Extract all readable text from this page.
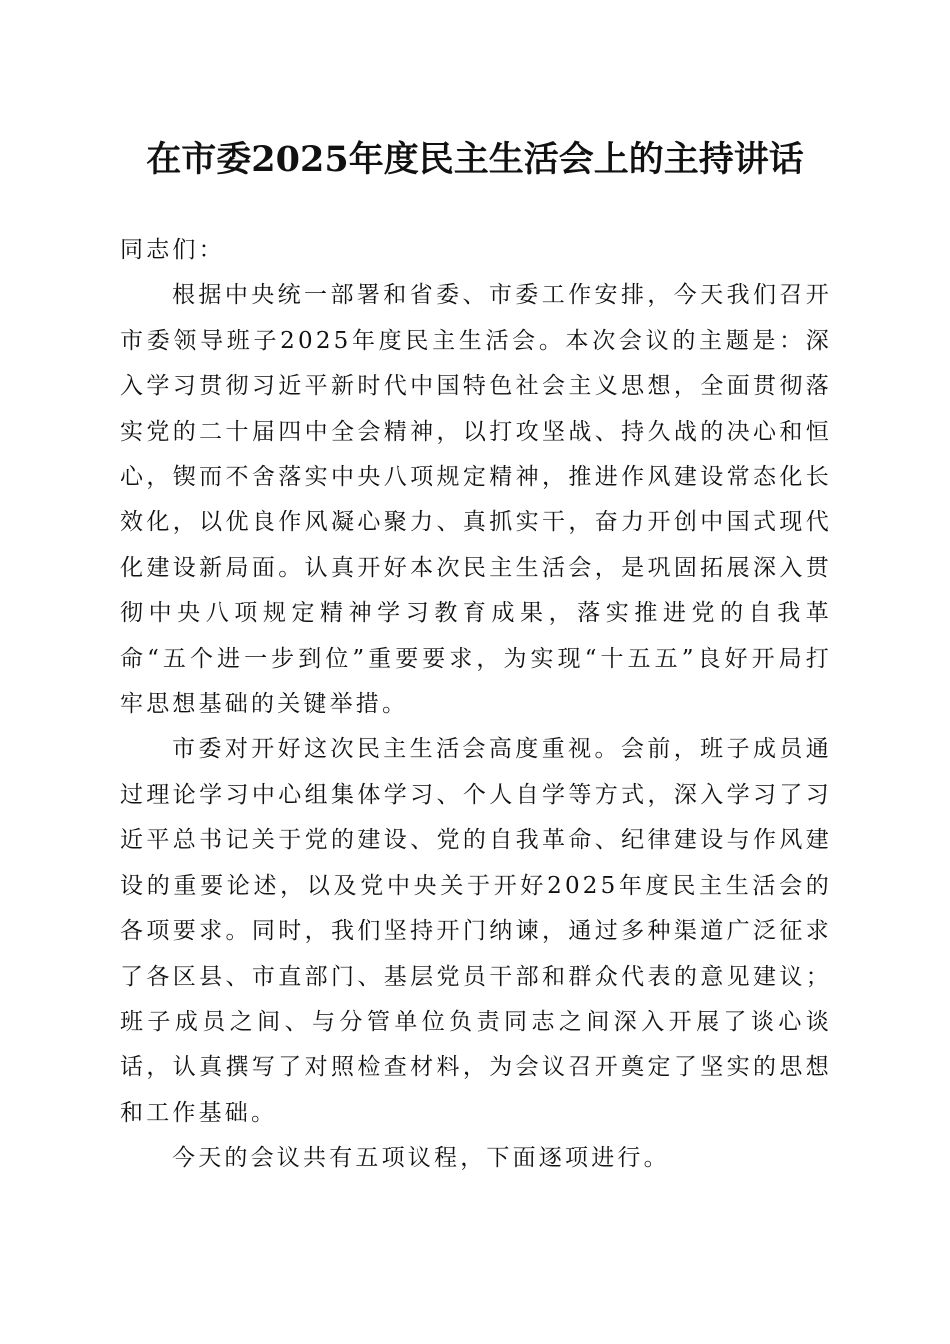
在市委2025年度民主生活会上的主持讲话

同志们：

根据中央统一部署和省委、市委工作安排，今天我们召开市委领导班子2025年度民主生活会。本次会议的主题是：深入学习贯彻习近平新时代中国特色社会主义思想，全面贯彻落实党的二十届四中全会精神，以打攻坚战、持久战的决心和恒心，锲而不舍落实中央八项规定精神，推进作风建设常态化长效化，以优良作风凝心聚力、真抓实干，奋力开创中国式现代化建设新局面。认真开好本次民主生活会，是巩固拓展深入贯彻中央八项规定精神学习教育成果，落实推进党的自我革命“五个进一步到位”重要要求，为实现“十五五”良好开局打牢思想基础的关键举措。

市委对开好这次民主生活会高度重视。会前，班子成员通过理论学习中心组集体学习、个人自学等方式，深入学习了习近平总书记关于党的建设、党的自我革命、纪律建设与作风建设的重要论述，以及党中央关于开好2025年度民主生活会的各项要求。同时，我们坚持开门纳谏，通过多种渠道广泛征求了各区县、市直部门、基层党员干部和群众代表的意见建议；班子成员之间、与分管单位负责同志之间深入开展了谈心谈话，认真撰写了对照检查材料，为会议召开奠定了坚实的思想和工作基础。

今天的会议共有五项议程，下面逐项进行。
